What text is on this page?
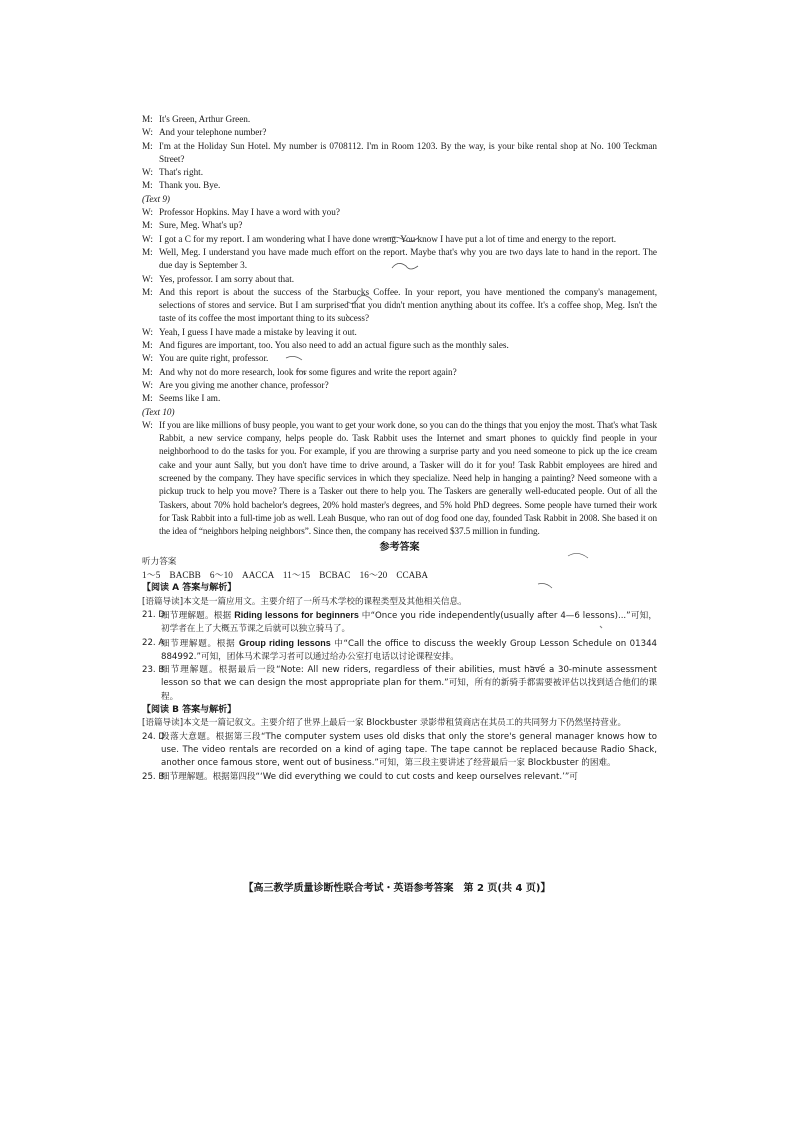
M: It's Green, Arthur Green.
W: And your telephone number?
M: I'm at the Holiday Sun Hotel. My number is 0708112. I'm in Room 1203. By the way, is your bike rental shop at No. 100 Teckman Street?
W: That's right.
M: Thank you. Bye.
(Text 9)
W: Professor Hopkins. May I have a word with you?
M: Sure, Meg. What's up?
W: I got a C for my report. I am wondering what I have done wrong. You know I have put a lot of time and energy to the report.
M: Well, Meg. I understand you have made much effort on the report. Maybe that's why you are two days late to hand in the report. The due day is September 3.
W: Yes, professor. I am sorry about that.
M: And this report is about the success of the Starbucks Coffee. In your report, you have mentioned the company's management, selections of stores and service. But I am surprised that you didn't mention anything about its coffee. It's a coffee shop, Meg. Isn't the taste of its coffee the most important thing to its success?
W: Yeah, I guess I have made a mistake by leaving it out.
M: And figures are important, too. You also need to add an actual figure such as the monthly sales.
W: You are quite right, professor.
M: And why not do more research, look for some figures and write the report again?
W: Are you giving me another chance, professor?
M: Seems like I am.
(Text 10)
W: If you are like millions of busy people, you want to get your work done, so you can do the things that you enjoy the most. That's what Task Rabbit, a new service company, helps people do. Task Rabbit uses the Internet and smart phones to quickly find people in your neighborhood to do the tasks for you. For example, if you are throwing a surprise party and you need someone to pick up the ice cream cake and your aunt Sally, but you don't have time to drive around, a Tasker will do it for you! Task Rabbit employees are hired and screened by the company. They have specific services in which they specialize. Need help in hanging a painting? Need someone with a pickup truck to help you move? There is a Tasker out there to help you. The Taskers are generally well-educated people. Out of all the Taskers, about 70% hold bachelor's degrees, 20% hold master's degrees, and 5% hold PhD degrees. Some people have turned their work for Task Rabbit into a full-time job as well. Leah Busque, who ran out of dog food one day, founded Task Rabbit in 2008. She based it on the idea of “neighbors helping neighbors”. Since then, the company has received $37.5 million in funding.
参考答案
听力答案
1～5　BACBB　6～10　AACCA　11～15　BCBAC　16～20　CCABA
【阅读 A 答案与解析】
[语篇导读]本文是一篇应用文。主要介绍了一所马术学校的课程类型及其他相关信息。
21. D
细节理解题。根据 Riding lessons for beginners 中“Once you ride independently(usually after 4—6 lessons)...”可知，初学者在上了大概五节课之后就可以独立骑马了。
22. A
细节理解题。根据 Group riding lessons 中“Call the office to discuss the weekly Group Lesson Schedule on 01344 884992.”可知，团体马术课学习者可以通过给办公室打电话以讨论课程安排。
23. B
细节理解题。根据最后一段“Note: All new riders, regardless of their abilities, must have a 30-minute assessment lesson so that we can design the most appropriate plan for them.”可知，所有的新骑手都需要被评估以找到适合他们的课程。
【阅读 B 答案与解析】
[语篇导读]本文是一篇记叙文。主要介绍了世界上最后一家 Blockbuster 录影带租赁商店在其员工的共同努力下仍然坚持营业。
24. D
段落大意题。根据第三段“The computer system uses old disks that only the store's general manager knows how to use. The video rentals are recorded on a kind of aging tape. The tape cannot be replaced because Radio Shack, another once famous store, went out of business.”可知，第三段主要讲述了经营最后一家 Blockbuster 的困难。
25. B
细节理解题。根据第四段“‘We did everything we could to cut costs and keep ourselves relevant.’”可
【高三教学质量诊断性联合考试・英语参考答案　第 2 页(共 4 页)】
